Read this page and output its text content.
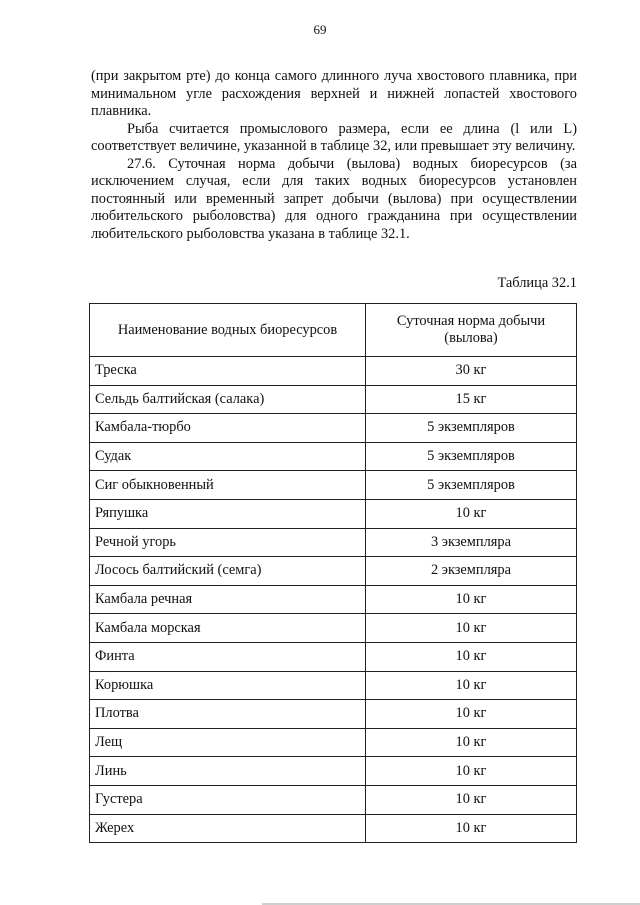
69

(при закрытом рте) до конца самого длинного луча хвостового плавника, при минимальном угле расхождения верхней и нижней лопастей хвостового плавника.

Рыба считается промыслового размера, если ее длина (l или L) соответствует величине, указанной в таблице 32, или превышает эту величину.

27.6. Суточная норма добычи (вылова) водных биоресурсов (за исключением случая, если для таких водных биоресурсов установлен постоянный или временный запрет добычи (вылова) при осуществлении любительского рыболовства) для одного гражданина при осуществлении любительского рыболовства указана в таблице 32.1.

Таблица 32.1
Наименование водных биоресурсов	Суточная норма добычи (вылова)
Треска	30 кг
Сельдь балтийская (салака)	15 кг
Камбала-тюрбо	5 экземпляров
Судак	5 экземпляров
Сиг обыкновенный	5 экземпляров
Ряпушка	10 кг
Речной угорь	3 экземпляра
Лосось балтийский (семга)	2 экземпляра
Камбала речная	10 кг
Камбала морская	10 кг
Финта	10 кг
Корюшка	10 кг
Плотва	10 кг
Лещ	10 кг
Линь	10 кг
Густера	10 кг
Жерех	10 кг
